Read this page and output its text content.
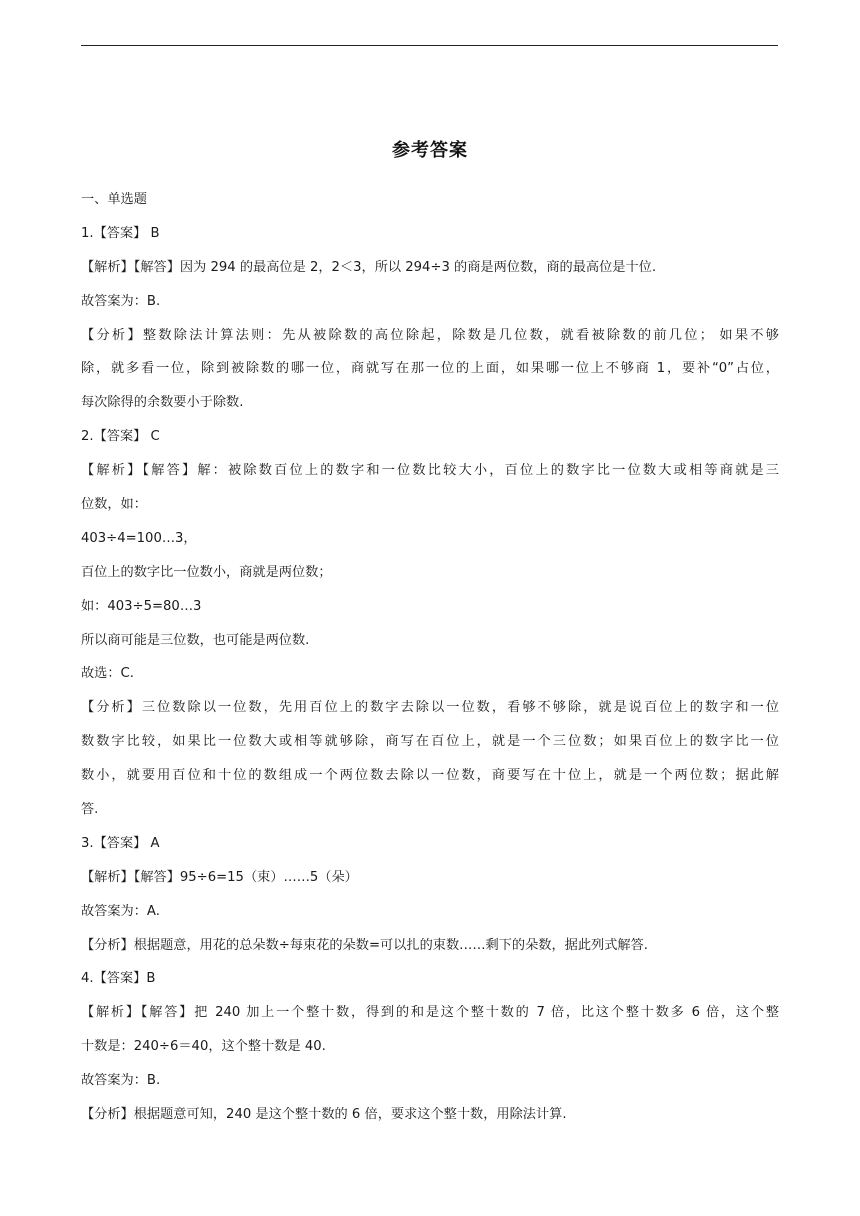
参考答案
一、单选题
1.【答案】 B
【解析】【解答】因为 294 的最高位是 2，2＜3，所以 294÷3 的商是两位数，商的最高位是十位.
故答案为：B.
【分析】整数除法计算法则：先从被除数的高位除起，除数是几位数，就看被除数的前几位； 如果不够
除，就多看一位，除到被除数的哪一位，商就写在那一位的上面，如果哪一位上不够商 1，要补“0”占位，
每次除得的余数要小于除数.
2.【答案】 C
【解析】【解答】解：被除数百位上的数字和一位数比较大小，百位上的数字比一位数大或相等商就是三
位数，如：
403÷4=100…3，
百位上的数字比一位数小，商就是两位数；
如：403÷5=80…3
所以商可能是三位数，也可能是两位数.
故选：C.
【分析】三位数除以一位数，先用百位上的数字去除以一位数，看够不够除，就是说百位上的数字和一位
数数字比较，如果比一位数大或相等就够除，商写在百位上，就是一个三位数；如果百位上的数字比一位
数小，就要用百位和十位的数组成一个两位数去除以一位数，商要写在十位上，就是一个两位数；据此解
答.
3.【答案】 A
【解析】【解答】95÷6=15（束）……5（朵）
故答案为：A.
【分析】根据题意，用花的总朵数÷每束花的朵数=可以扎的束数……剩下的朵数，据此列式解答.
4.【答案】B
【解析】【解答】把 240 加上一个整十数，得到的和是这个整十数的 7 倍，比这个整十数多 6 倍，这个整
十数是：240÷6＝40，这个整十数是 40.
故答案为：B.
【分析】根据题意可知，240 是这个整十数的 6 倍，要求这个整十数，用除法计算.
